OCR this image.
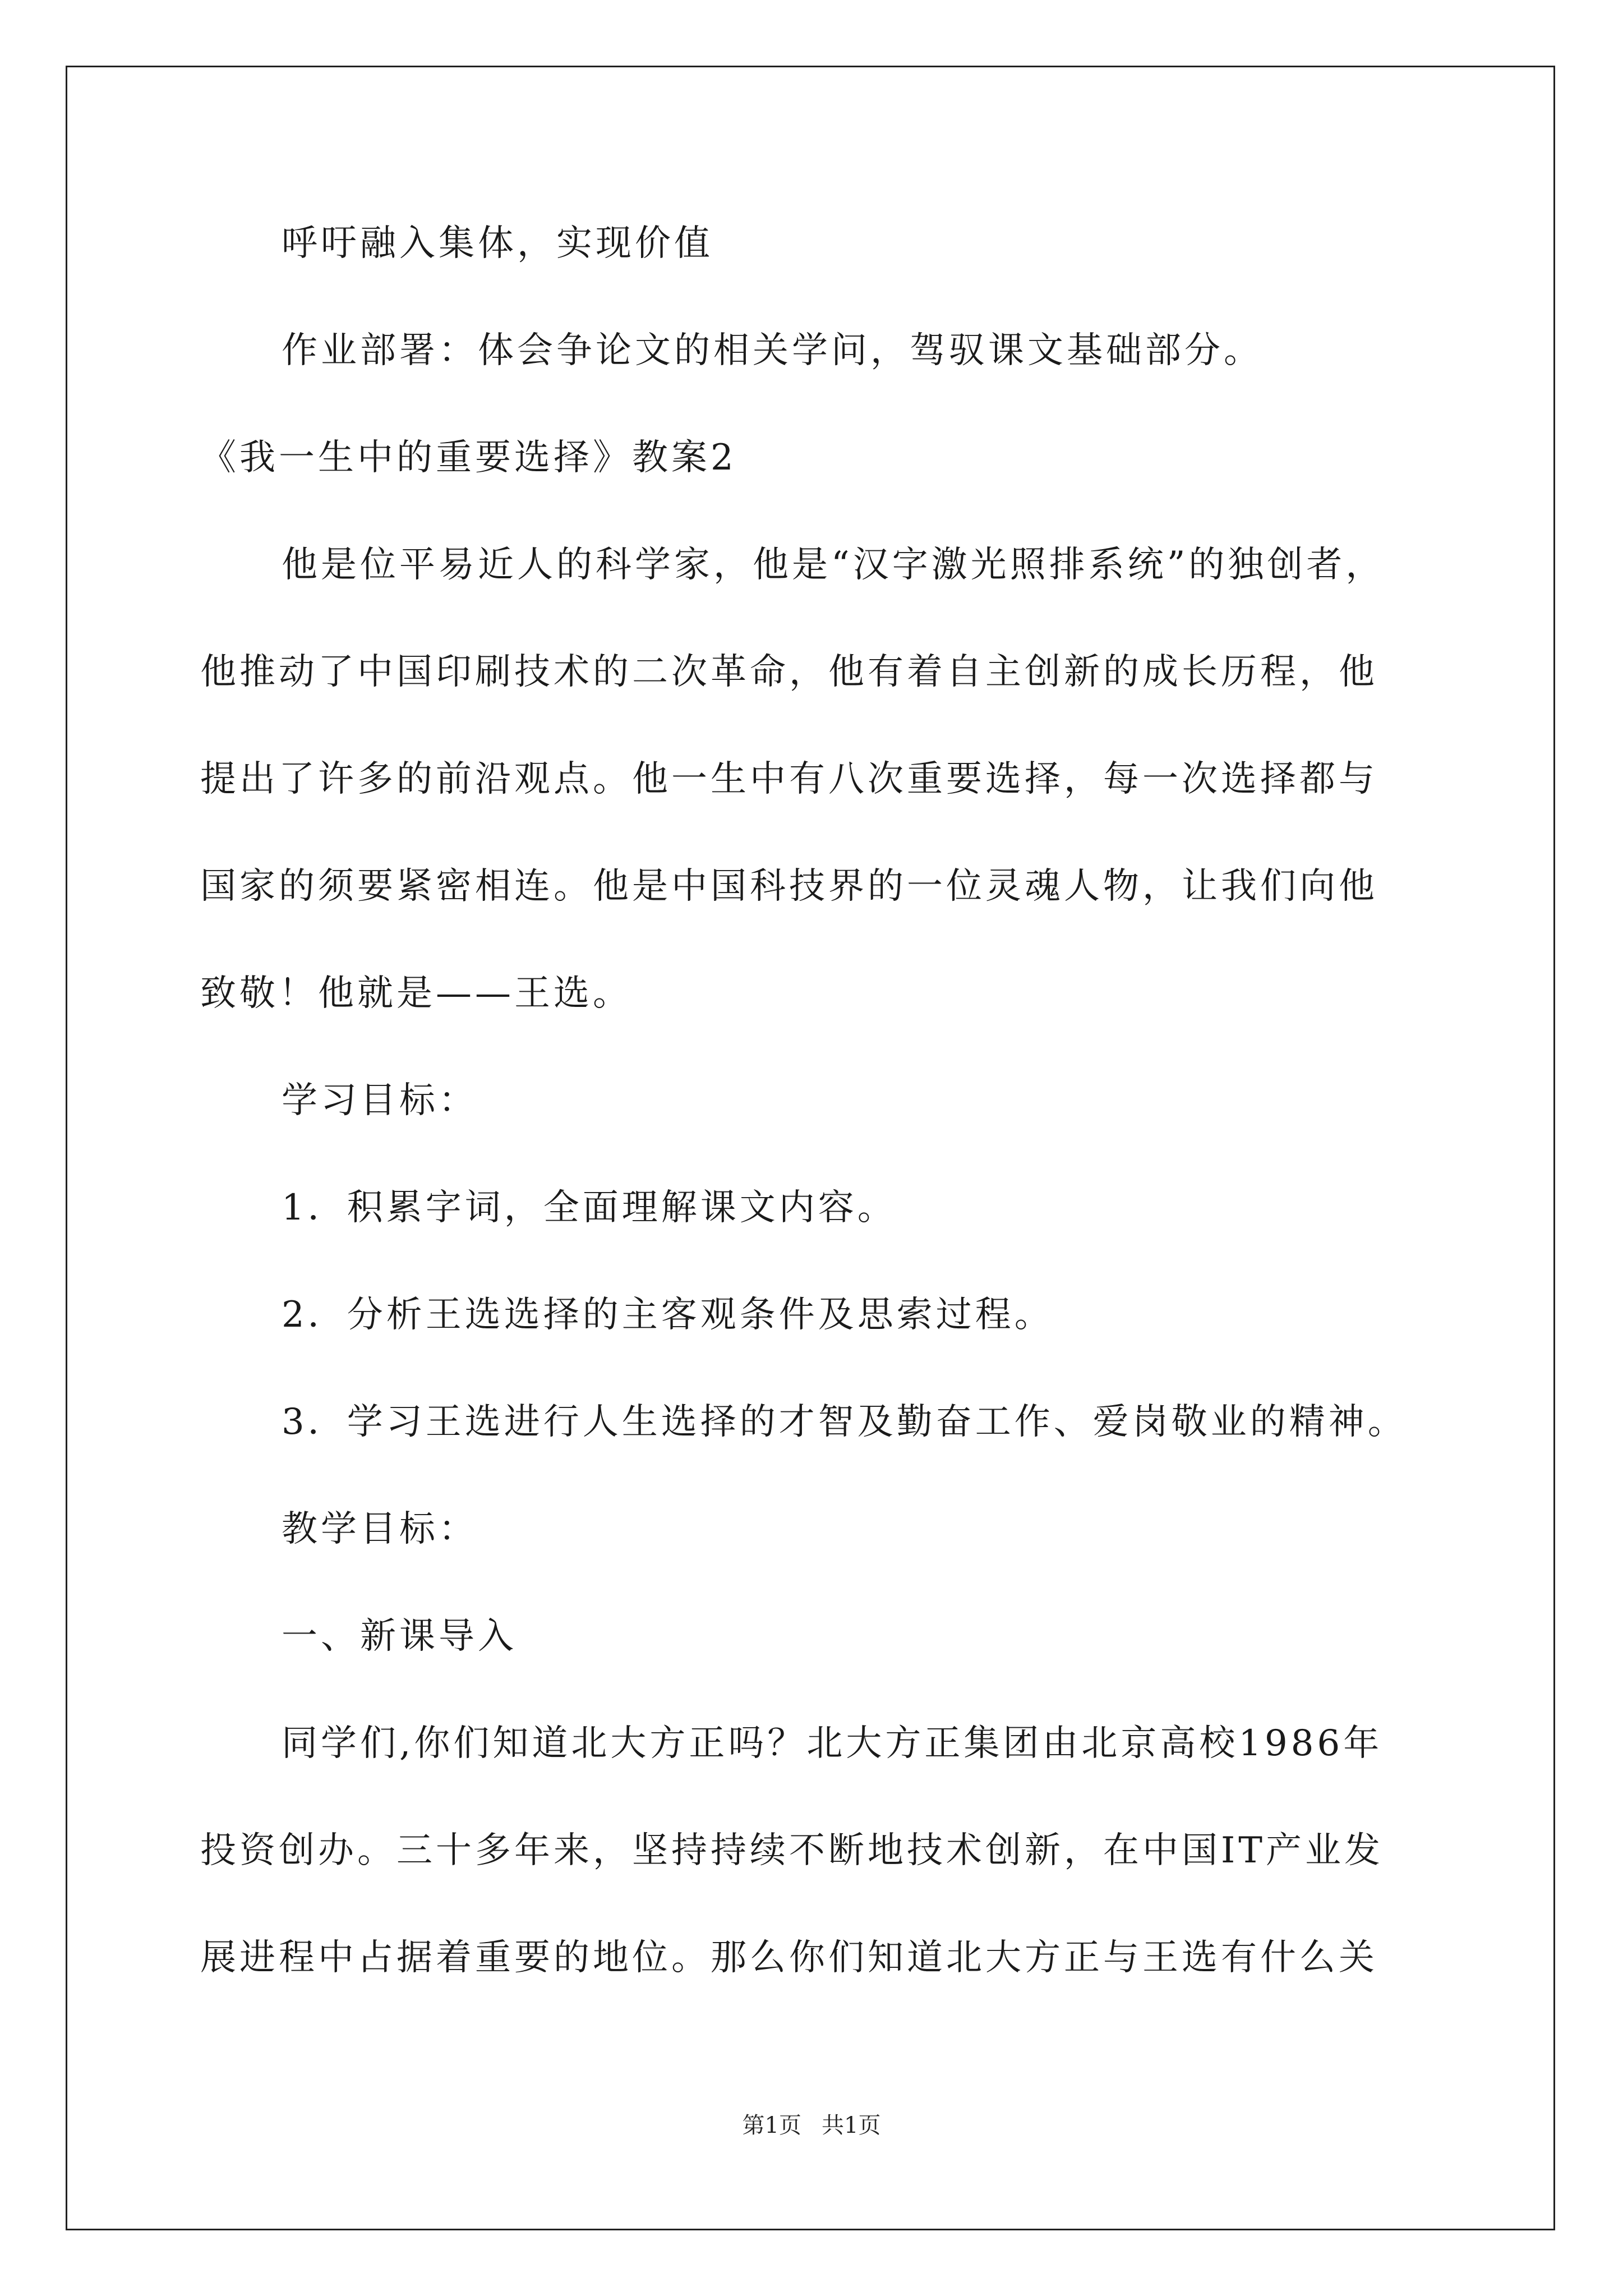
呼吁融入集体，实现价值
作业部署：体会争论文的相关学问，驾驭课文基础部分。
《我一生中的重要选择》教案2
他是位平易近人的科学家，他是“汉字激光照排系统”的独创者，
他推动了中国印刷技术的二次革命，他有着自主创新的成长历程，他
提出了许多的前沿观点。他一生中有八次重要选择，每一次选择都与
国家的须要紧密相连。他是中国科技界的一位灵魂人物，让我们向他
致敬！他就是——王选。
学习目标：
1．积累字词，全面理解课文内容。
2．分析王选选择的主客观条件及思索过程。
3．学习王选进行人生选择的才智及勤奋工作、爱岗敬业的精神。
教学目标：
一、新课导入
同学们,你们知道北大方正吗？北大方正集团由北京高校1986年
投资创办。三十多年来，坚持持续不断地技术创新，在中国IT产业发
展进程中占据着重要的地位。那么你们知道北大方正与王选有什么关
第1页 共1页
